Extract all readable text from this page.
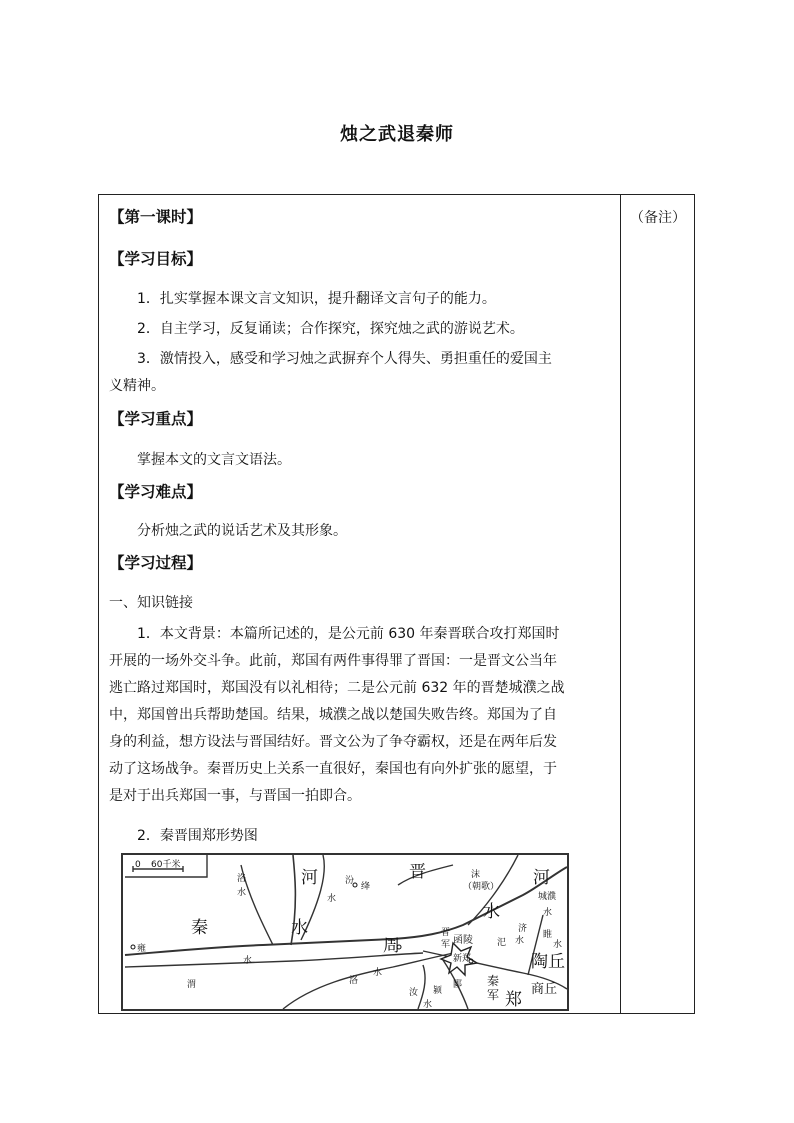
烛之武退秦师
（备注）
【第一课时】
【学习目标】
1．扎实掌握本课文言文知识，提升翻译文言句子的能力。
2．自主学习，反复诵读；合作探究，探究烛之武的游说艺术。
3．激情投入，感受和学习烛之武摒弃个人得失、勇担重任的爱国主
义精神。
【学习重点】
掌握本文的文言文语法。
【学习难点】
分析烛之武的说话艺术及其形象。
【学习过程】
一、知识链接
1．本文背景：本篇所记述的，是公元前 630 年秦晋联合攻打郑国时
开展的一场外交斗争。此前，郑国有两件事得罪了晋国：一是晋文公当年
逃亡路过郑国时，郑国没有以礼相待；二是公元前 632 年的晋楚城濮之战
中，郑国曾出兵帮助楚国。结果，城濮之战以楚国失败告终。郑国为了自
身的利益，想方设法与晋国结好。晋文公为了争夺霸权，还是在两年后发
动了这场战争。秦晋历史上关系一直很好，秦国也有向外扩张的愿望，于
是对于出兵郑国一事，与晋国一拍即合。
2．秦晋围郑形势图
0 60千米
河	晋	河
秦	水
水
周
陶丘
商丘
郑
秦
军
汾
绛
洛
水
水
沫
（朝歌）
城濮
济
水
雍
渭
水
洛
水
汜 水
函陵
新郑
颍
水
汝
郾
睢
水
晋
军
